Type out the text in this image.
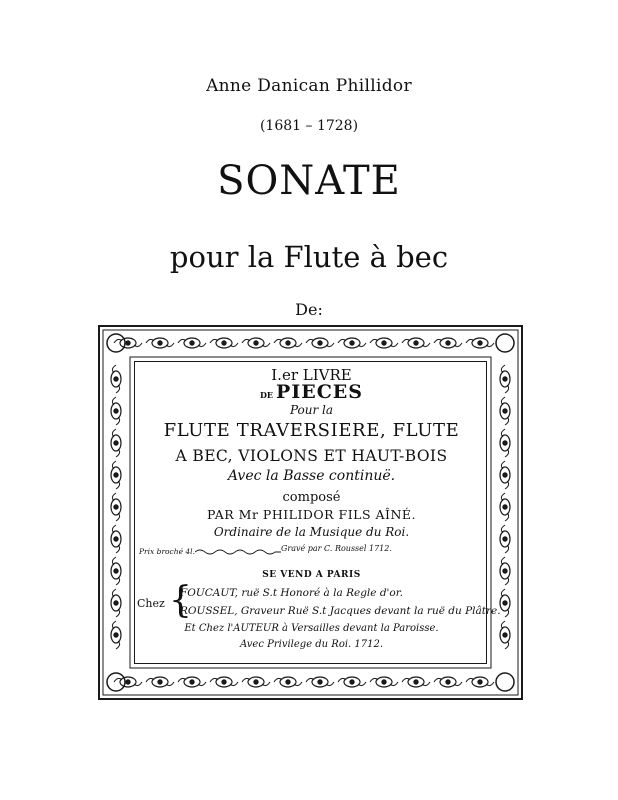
Anne Danican Phillidor
(1681 – 1728)
SONATE
pour la Flute à bec
De:
I.er LIVRE
DE PIECES
Pour la
FLUTE TRAVERSIERE, FLUTE
A BEC, VIOLONS ET HAUT-BOIS
Avec la Basse continuë.
composé
PAR Mr PHILIDOR FILS AÎNÉ.
Ordinaire de la Musique du Roi.
Prix broché 4l.	Gravé par C. Roussel 1712.
SE VEND A PARIS
Chez {
FOUCAUT, ruë S.t Honoré à la Regle d'or.
ROUSSEL, Graveur Ruë S.t Jacques devant la ruë du Plâtre.
Et Chez l'AUTEUR à Versailles devant la Paroisse.
Avec Privilege du Roi. 1712.
